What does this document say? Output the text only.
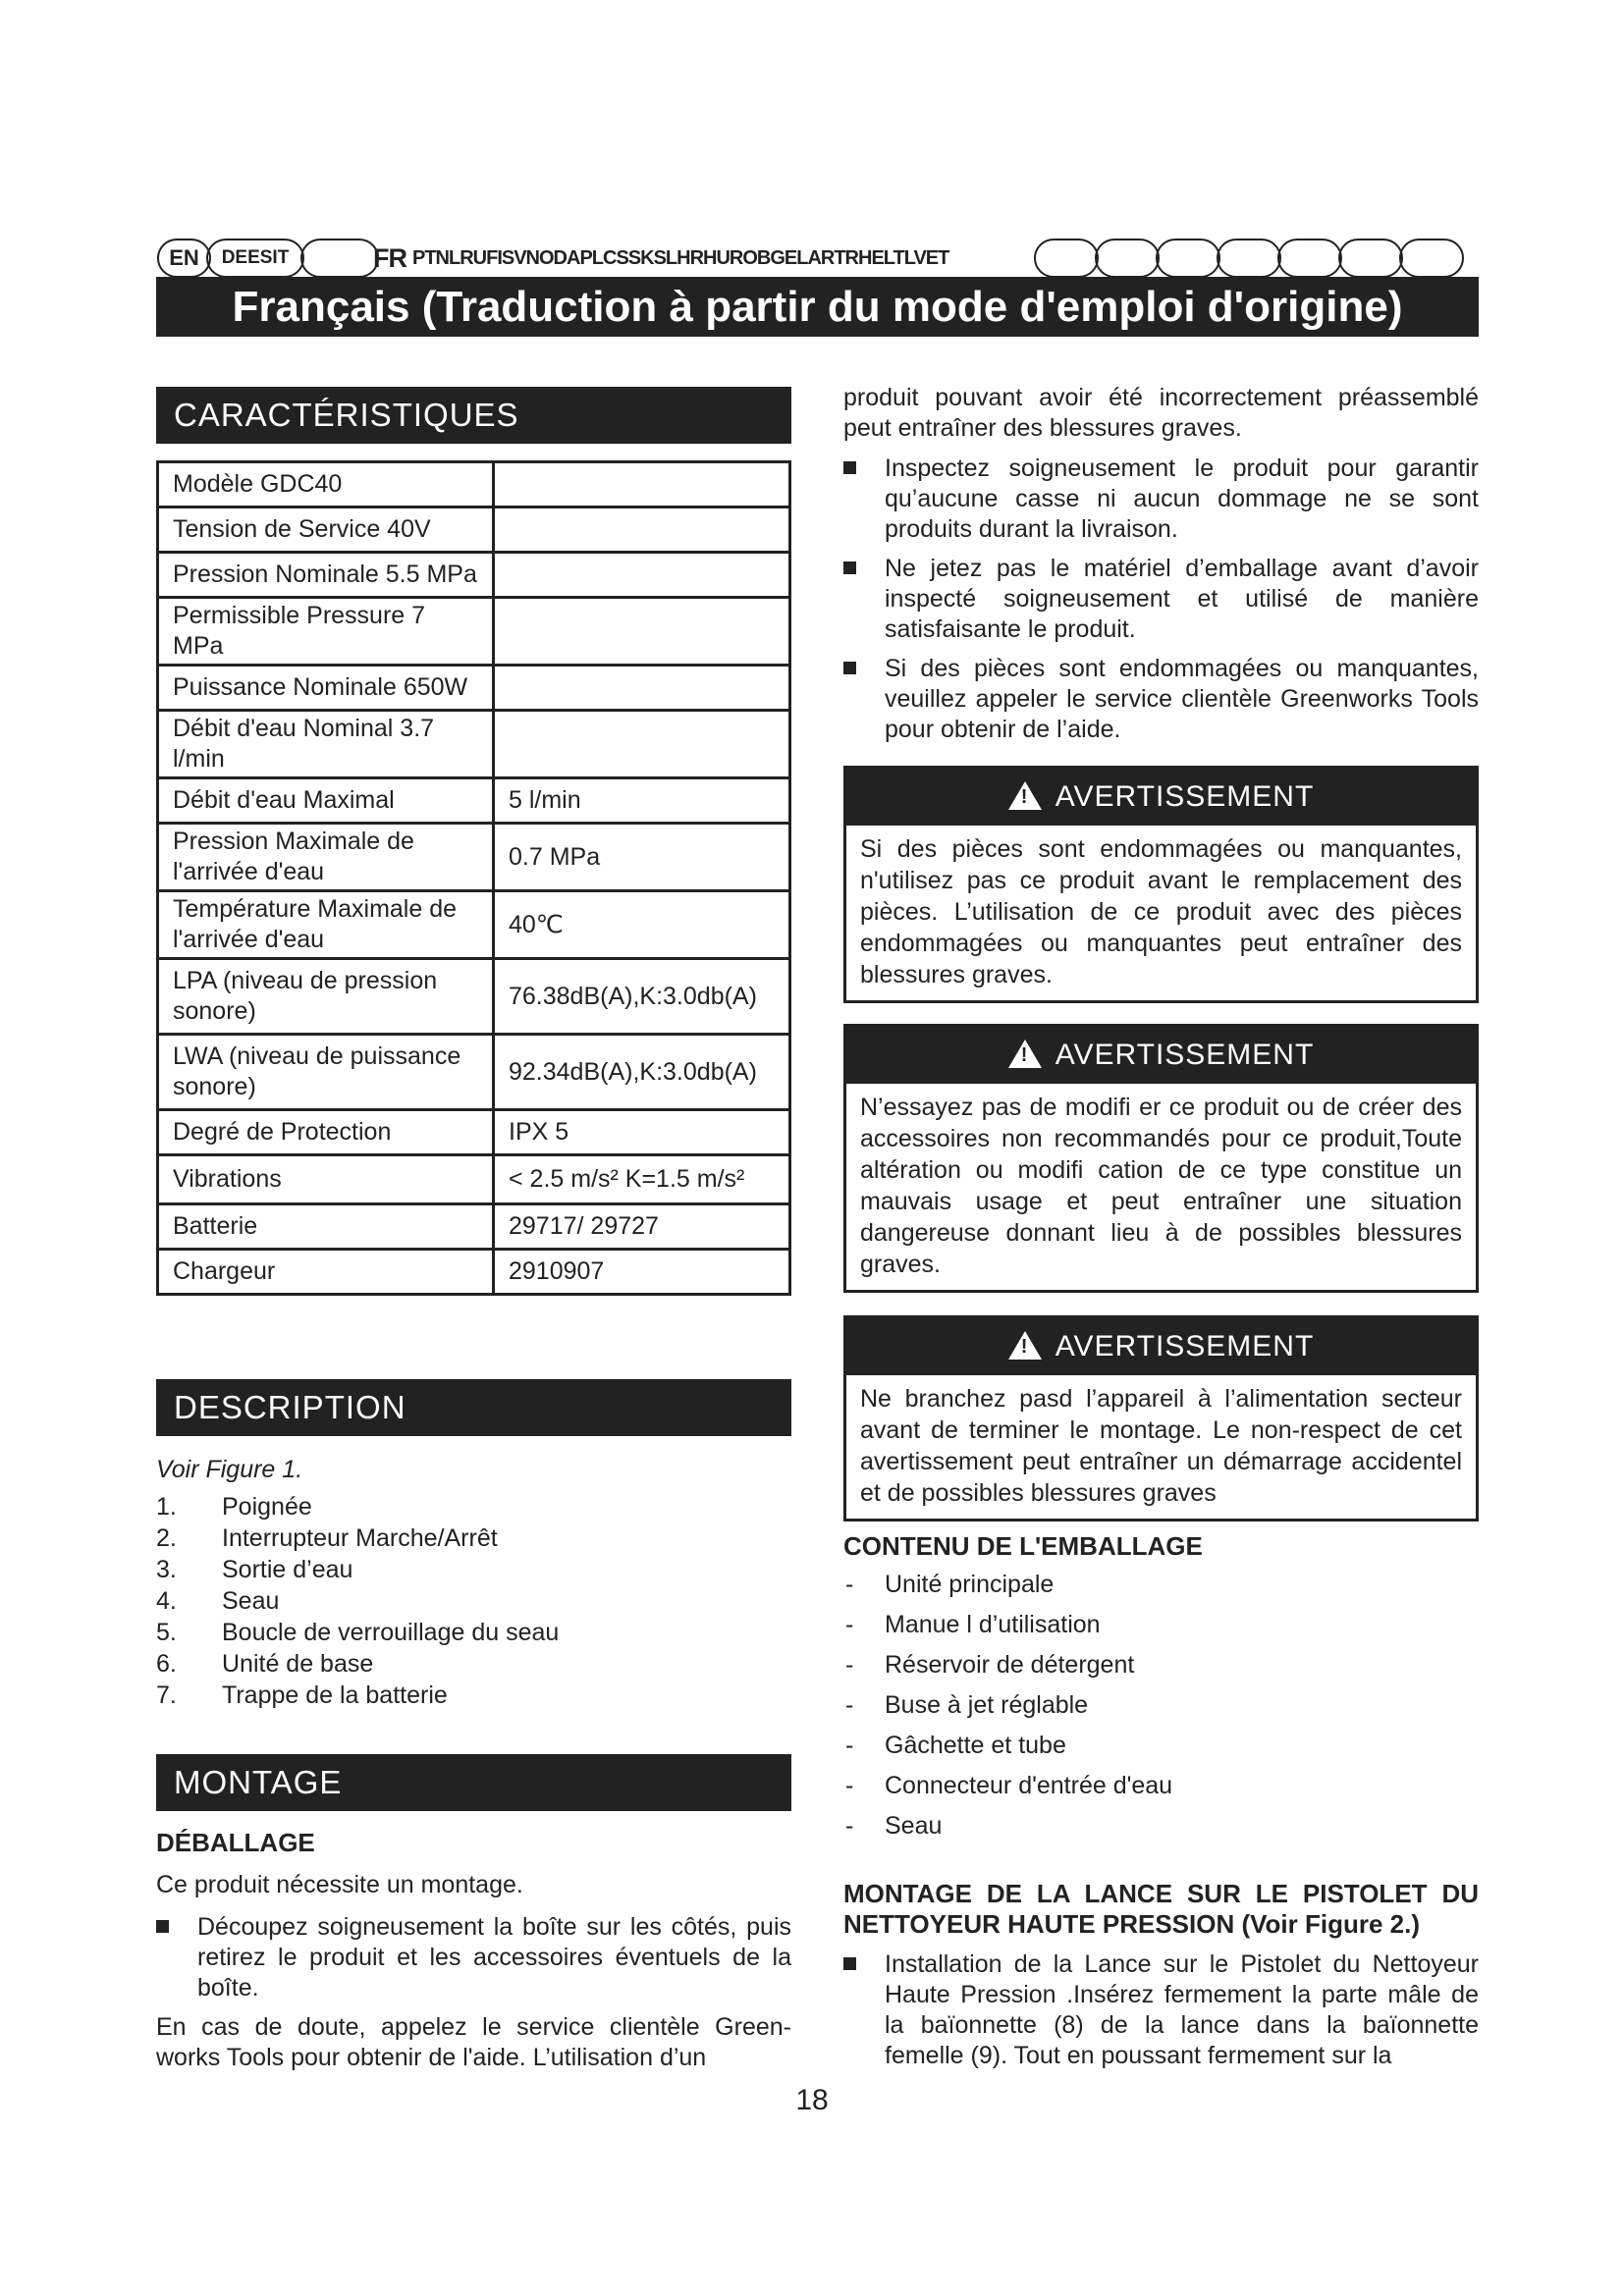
EN	DEESIT	FR PTNLRUFISVNODAPLCSSKSLHRHUROBGELARTRHELTLVET
Français (Traduction à partir du mode d'emploi d'origine)
CARACTÉRISTIQUES
Modèle GDC40	
Tension de Service 40V	
Pression Nominale 5.5 MPa	
Permissible Pressure 7 MPa	
Puissance Nominale 650W	
Débit d'eau Nominal 3.7 l/min	
Débit d'eau Maximal	5 l/min
Pression Maximale de l'arrivée d'eau	0.7 MPa
Température Maximale de l'arrivée d'eau	40℃
LPA (niveau de pression sonore)	76.38dB(A),K:3.0db(A)
LWA (niveau de puissance sonore)	92.34dB(A),K:3.0db(A)
Degré de Protection	IPX 5
Vibrations	< 2.5 m/s² K=1.5 m/s²
Batterie	29717/ 29727
Chargeur	2910907
DESCRIPTION
Voir Figure 1.
1. Poignée
2. Interrupteur Marche/Arrêt
3. Sortie d’eau
4. Seau
5. Boucle de verrouillage du seau
6. Unité de base
7. Trappe de la batterie
MONTAGE
DÉBALLAGE
Ce produit nécessite un montage.
Découpez soigneusement la boîte sur les côtés, puis retirez le produit et les accessoires éventuels de la boîte.
En cas de doute, appelez le service clientèle Green- works Tools pour obtenir de l'aide. L’utilisation d’un
produit pouvant avoir été incorrectement préassemblé peut entraîner des blessures graves.
Inspectez soigneusement le produit pour garantir qu’aucune casse ni aucun dommage ne se sont produits durant la livraison.
Ne jetez pas le matériel d’emballage avant d’avoir inspecté soigneusement et utilisé de manière satisfaisante le produit.
Si des pièces sont endommagées ou manquantes, veuillez appeler le service clientèle Greenworks Tools pour obtenir de l’aide.
! AVERTISSEMENT
Si des pièces sont endommagées ou manquantes, n'utilisez pas ce produit avant le remplacement des pièces. L’utilisation de ce produit avec des pièces endommagées ou manquantes peut entraîner des blessures graves.
! AVERTISSEMENT
N’essayez pas de modifi er ce produit ou de créer des accessoires non recommandés pour ce produit,Toute altération ou modifi cation de ce type constitue un mauvais usage et peut entraîner une situation dangereuse donnant lieu à de possibles blessures graves.
! AVERTISSEMENT
Ne branchez pasd l’appareil à l’alimentation secteur avant de terminer le montage. Le non-respect de cet avertissement peut entraîner un démarrage accidentel et de possibles blessures graves
CONTENU DE L'EMBALLAGE
- Unité principale
- Manue l d’utilisation
- Réservoir de détergent
- Buse à jet réglable
- Gâchette et tube
- Connecteur d'entrée d'eau
- Seau
MONTAGE DE LA LANCE SUR LE PISTOLET DU NETTOYEUR HAUTE PRESSION (Voir Figure 2.)
Installation de la Lance sur le Pistolet du Nettoyeur Haute Pression .Insérez fermement la parte mâle de la baïonnette (8) de la lance dans la baïonnette femelle (9). Tout en poussant fermement sur la
18
